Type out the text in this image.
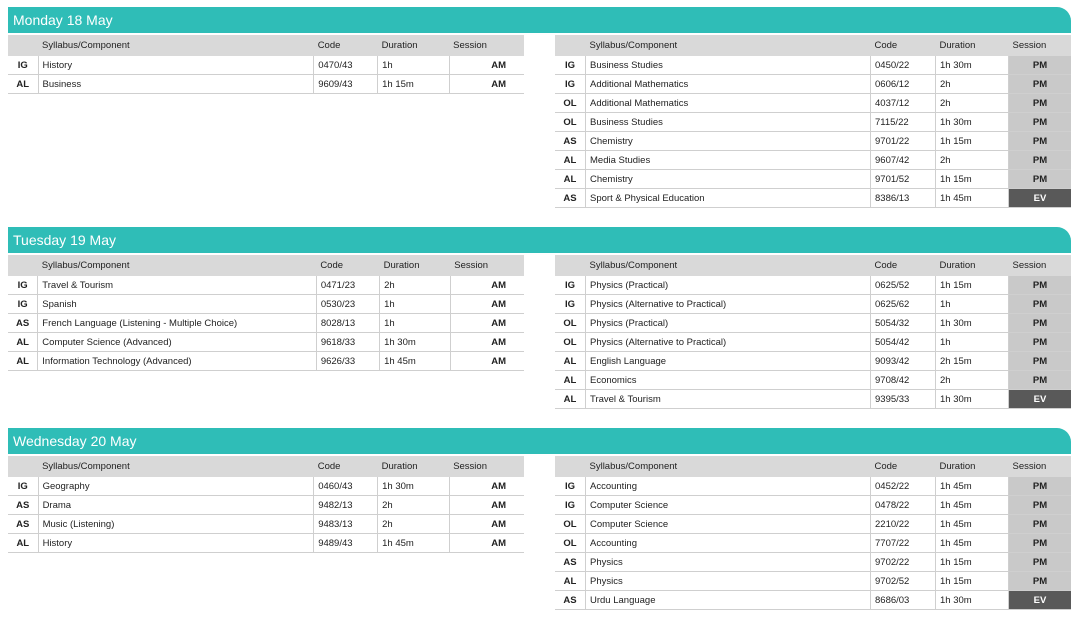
Monday 18 May
	Syllabus/Component	Code	Duration	Session
IG	History	0470/43	1h	AM
AL	Business	9609/43	1h 15m	AM
	Syllabus/Component	Code	Duration	Session
IG	Business Studies	0450/22	1h 30m	PM
IG	Additional Mathematics	0606/12	2h	PM
OL	Additional Mathematics	4037/12	2h	PM
OL	Business Studies	7115/22	1h 30m	PM
AS	Chemistry	9701/22	1h 15m	PM
AL	Media Studies	9607/42	2h	PM
AL	Chemistry	9701/52	1h 15m	PM
AS	Sport & Physical Education	8386/13	1h 45m	EV
Tuesday 19 May
	Syllabus/Component	Code	Duration	Session
IG	Travel & Tourism	0471/23	2h	AM
IG	Spanish	0530/23	1h	AM
AS	French Language (Listening - Multiple Choice)	8028/13	1h	AM
AL	Computer Science (Advanced)	9618/33	1h 30m	AM
AL	Information Technology (Advanced)	9626/33	1h 45m	AM
	Syllabus/Component	Code	Duration	Session
IG	Physics (Practical)	0625/52	1h 15m	PM
IG	Physics (Alternative to Practical)	0625/62	1h	PM
OL	Physics (Practical)	5054/32	1h 30m	PM
OL	Physics (Alternative to Practical)	5054/42	1h	PM
AL	English Language	9093/42	2h 15m	PM
AL	Economics	9708/42	2h	PM
AL	Travel & Tourism	9395/33	1h 30m	EV
Wednesday 20 May
	Syllabus/Component	Code	Duration	Session
IG	Geography	0460/43	1h 30m	AM
AS	Drama	9482/13	2h	AM
AS	Music (Listening)	9483/13	2h	AM
AL	History	9489/43	1h 45m	AM
	Syllabus/Component	Code	Duration	Session
IG	Accounting	0452/22	1h 45m	PM
IG	Computer Science	0478/22	1h 45m	PM
OL	Computer Science	2210/22	1h 45m	PM
OL	Accounting	7707/22	1h 45m	PM
AS	Physics	9702/22	1h 15m	PM
AL	Physics	9702/52	1h 15m	PM
AS	Urdu Language	8686/03	1h 30m	EV
